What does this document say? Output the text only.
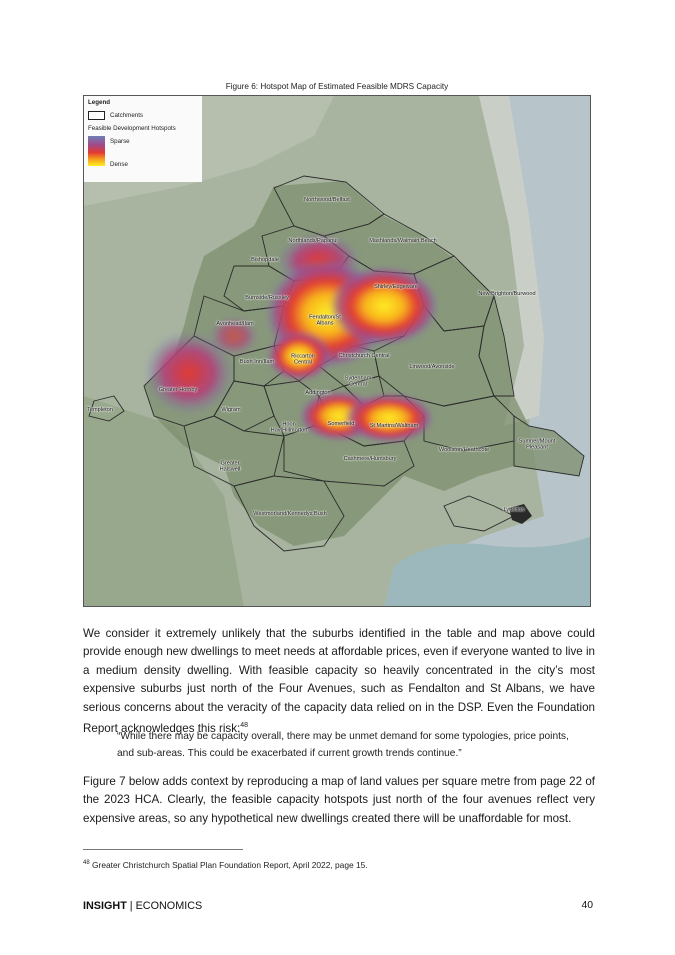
Figure 6: Hotspot Map of Estimated Feasible MDRS Capacity
Legend
Catchments
Feasible Development Hotspots
Sparse
Dense
Northwood/Belfast
Northlands/Papanui	Mashlands/Waimairi Beach
Bishopdale
Shirley/Edgeware
New Brighton/Burwood
Burnside/Russley
Avonhead/Ilam
Fendalton/St Albans
Bush Inn/Ilam
Riccarton Central
Christchurch Central
Linwood/Avonside
Greater Hornby	Addington
Sydenham Central
Templeton	Wigram
Hoon Hay/Hillmorton
Somerfield	St Martins/Waltham
Woolston/Heathcote
Sumner/Mount Pleasant
Greater Halswell
Cashmere/Huntsbury
Westmorland/Kennedys Bush
Lyttelton
We consider it extremely unlikely that the suburbs identified in the table and map above could provide enough new dwellings to meet needs at affordable prices, even if everyone wanted to live in a medium density dwelling. With feasible capacity so heavily concentrated in the city’s most expensive suburbs just north of the Four Avenues, such as Fendalton and St Albans, we have serious concerns about the veracity of the capacity data relied on in the DSP. Even the Foundation Report acknowledges this risk:$^{48}$
“While there may be capacity overall, there may be unmet demand for some typologies, price points, and sub-areas. This could be exacerbated if current growth trends continue.”
Figure 7 below adds context by reproducing a map of land values per square metre from page 22 of the 2023 HCA. Clearly, the feasible capacity hotspots just north of the four avenues reflect very expensive areas, so any hypothetical new dwellings created there will be unaffordable for most.
$^{48}$ Greater Christchurch Spatial Plan Foundation Report, April 2022, page 15.
INSIGHT | ECONOMICS	40
